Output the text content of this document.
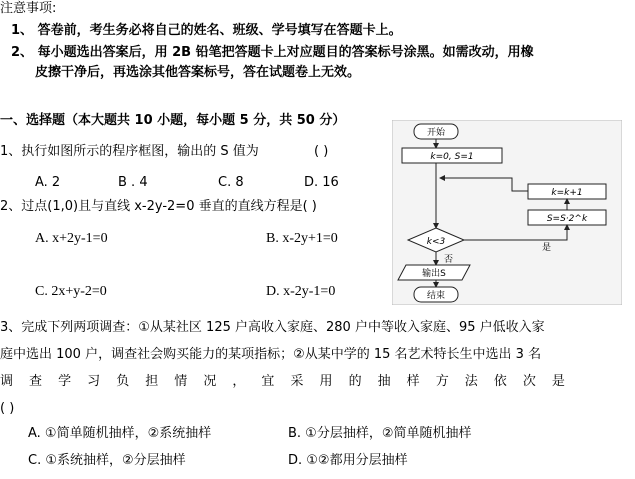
注意事项:
1、 答卷前，考生务必将自己的姓名、班级、学号填写在答题卡上。
2、 每小题选出答案后，用 2B 铅笔把答题卡上对应题目的答案标号涂黑。如需改动，用橡
皮擦干净后，再选涂其他答案标号，答在试题卷上无效。
一、选择题（本大题共 10 小题，每小题 5 分，共 50 分）
1、执行如图所示的程序框图，输出的 S 值为	( )
A. 2	B . 4	C. 8	D. 16
2、过点(1,0)且与直线 x-2y-2=0 垂直的直线方程是( )
A. x+2y-1=0	B. x-2y+1=0
C. 2x+y-2=0	D. x-2y-1=0
开始
k=0, S=1
k=k+1
S=S·2^k
k<3
是
否
输出S
结束
3、完成下列两项调查：①从某社区 125 户高收入家庭、280 户中等收入家庭、95 户低收入家
庭中选出 100 户，调查社会购买能力的某项指标；②从某中学的 15 名艺术特长生中选出 3 名
调 查 学 习 负 担 情 况 ， 宜 采 用 的 抽 样 方 法 依 次 是
( )
A. ①简单随机抽样，②系统抽样	B. ①分层抽样，②简单随机抽样
C. ①系统抽样，②分层抽样	D. ①②都用分层抽样
